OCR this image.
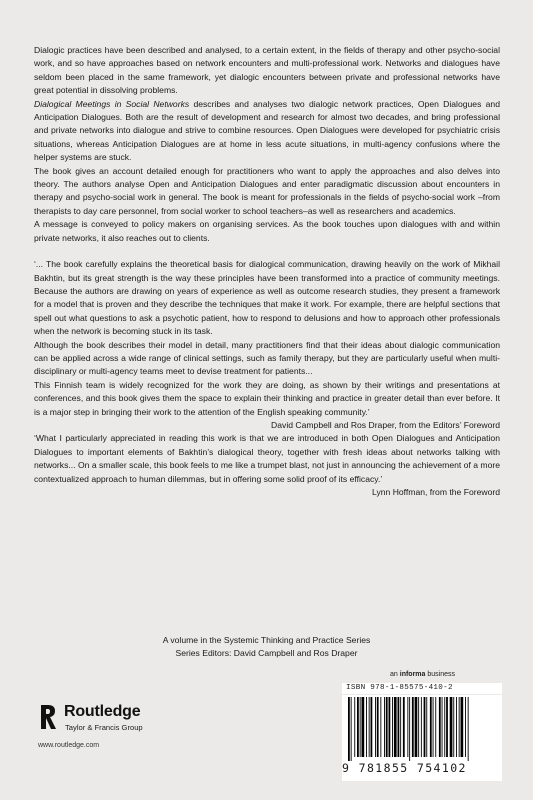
Dialogic practices have been described and analysed, to a certain extent, in the fields of therapy and other psycho-social work, and so have approaches based on network encounters and multi-professional work. Networks and dialogues have seldom been placed in the same framework, yet dialogic encounters between private and professional networks have great potential in dissolving problems.

Dialogical Meetings in Social Networks describes and analyses two dialogic network practices, Open Dialogues and Anticipation Dialogues. Both are the result of development and research for almost two decades, and bring professional and private networks into dialogue and strive to combine resources. Open Dialogues were developed for psychiatric crisis situations, whereas Anticipation Dialogues are at home in less acute situations, in multi-agency confusions where the helper systems are stuck.

The book gives an account detailed enough for practitioners who want to apply the approaches and also delves into theory. The authors analyse Open and Anticipation Dialogues and enter paradigmatic discussion about encounters in therapy and psycho-social work in general. The book is meant for professionals in the fields of psycho-social work –from therapists to day care personnel, from social worker to school teachers–as well as researchers and academics.

A message is conveyed to policy makers on organising services. As the book touches upon dialogues with and within private networks, it also reaches out to clients.

‘... The book carefully explains the theoretical basis for dialogical communication, drawing heavily on the work of Mikhail Bakhtin, but its great strength is the way these principles have been transformed into a practice of community meetings. Because the authors are drawing on years of experience as well as outcome research studies, they present a framework for a model that is proven and they describe the techniques that make it work. For example, there are helpful sections that spell out what questions to ask a psychotic patient, how to respond to delusions and how to approach other professionals when the network is becoming stuck in its task.

Although the book describes their model in detail, many practitioners find that their ideas about dialogic communication can be applied across a wide range of clinical settings, such as family therapy, but they are particularly useful when multi-disciplinary or multi-agency teams meet to devise treatment for patients...

This Finnish team is widely recognized for the work they are doing, as shown by their writings and presentations at conferences, and this book gives them the space to explain their thinking and practice in greater detail than ever before. It is a major step in bringing their work to the attention of the English speaking community.’

David Campbell and Ros Draper, from the Editors’ Foreword

‘What I particularly appreciated in reading this work is that we are introduced in both Open Dialogues and Anticipation Dialogues to important elements of Bakhtin’s dialogical theory, together with fresh ideas about networks talking with networks... On a smaller scale, this book feels to me like a trumpet blast, not just in announcing the achievement of a more contextualized approach to human dilemmas, but in offering some solid proof of its efficacy.’

Lynn Hoffman, from the Foreword

A volume in the Systemic Thinking and Practice Series
Series Editors: David Campbell and Ros Draper
Routledge
Taylor & Francis Group
www.routledge.com
an informa business
ISBN 978-1-85575-410-2
9 781855 754102
